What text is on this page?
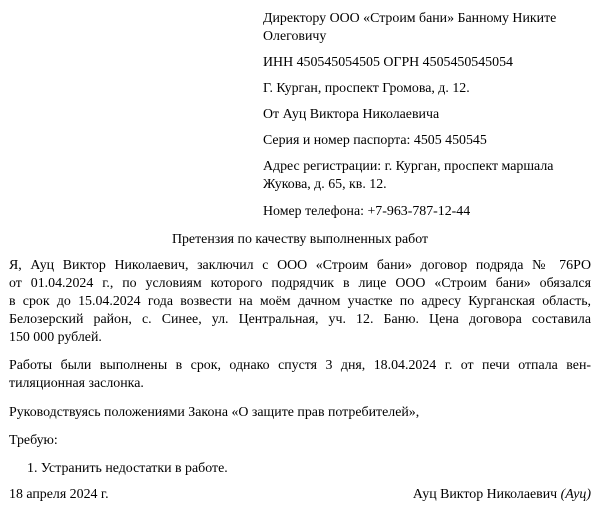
Директору ООО «Строим бани» Банному Никите
Олеговичу
ИНН 450545054505 ОГРН 4505450545054
Г. Курган, проспект Громова, д. 12.
От Ауц Виктора Николаевича
Серия и номер паспорта: 4505 450545
Адрес регистрации: г. Курган, проспект маршала
Жукова, д. 65, кв. 12.
Номер телефона: +7-963-787-12-44
Претензия по качеству выполненных работ
Я, Ауц Виктор Николаевич, заключил с ООО «Строим бани» договор подряда № 76РО
от 01.04.2024 г., по условиям которого подрядчик в лице ООО «Строим бани» обязался
в срок до 15.04.2024 года возвести на моём дачном участке по адресу Курганская область,
Белозерский район, с. Синее, ул. Центральная, уч. 12. Баню. Цена договора составила
150 000 рублей.
Работы были выполнены в срок, однако спустя 3 дня, 18.04.2024 г. от печи отпала вен-
тиляционная заслонка.
Руководствуясь положениями Закона «О защите прав потребителей»,
Требую:
1. Устранить недостатки в работе.
18 апреля 2024 г.	Ауц Виктор Николаевич (Ауц)
